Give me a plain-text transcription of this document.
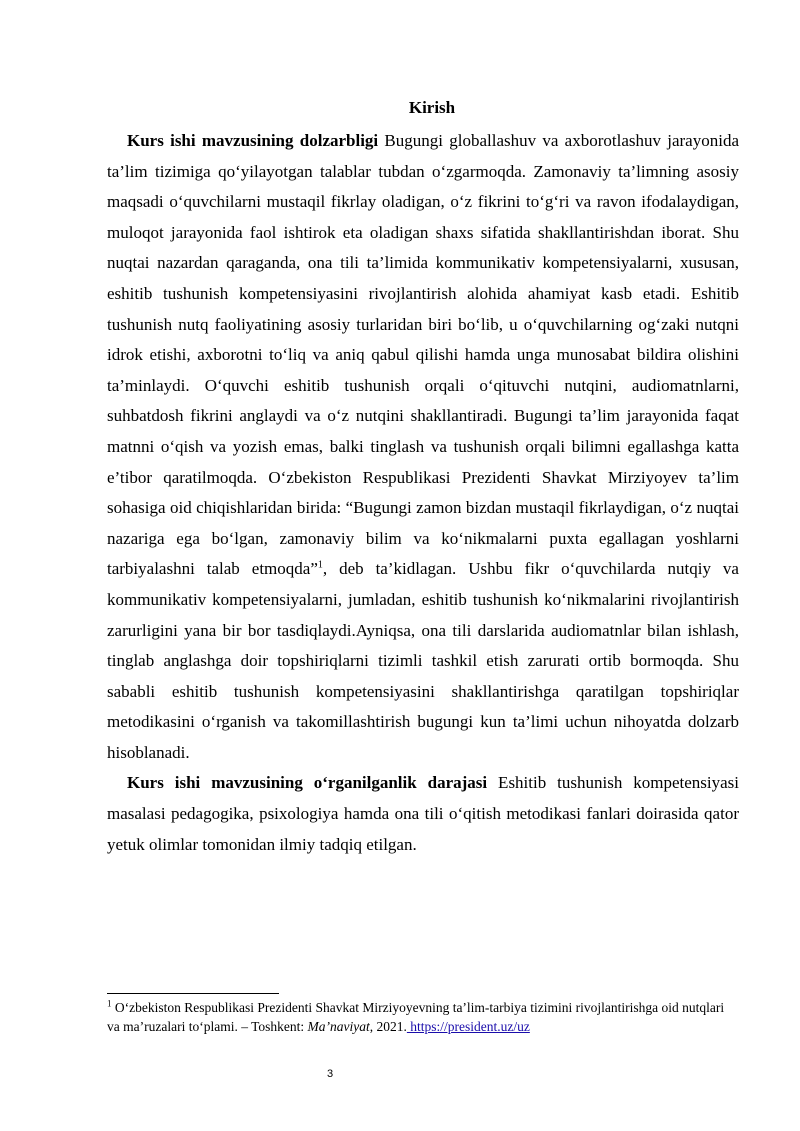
Kirish

Kurs ishi mavzusining dolzarbligi Bugungi globallashuv va axborotlashuv jarayonida ta’lim tizimiga qo‘yilayotgan talablar tubdan o‘zgarmoqda. Zamonaviy ta’limning asosiy maqsadi o‘quvchilarni mustaqil fikrlay oladigan, o‘z fikrini to‘g‘ri va ravon ifodalaydigan, muloqot jarayonida faol ishtirok eta oladigan shaxs sifatida shakllantirishdan iborat. Shu nuqtai nazardan qaraganda, ona tili ta’limida kommunikativ kompetensiyalarni, xususan, eshitib tushunish kompetensiyasini rivojlantirish alohida ahamiyat kasb etadi. Eshitib tushunish nutq faoliyatining asosiy turlaridan biri bo‘lib, u o‘quvchilarning og‘zaki nutqni idrok etishi, axborotni to‘liq va aniq qabul qilishi hamda unga munosabat bildira olishini ta’minlaydi. O‘quvchi eshitib tushunish orqali o‘qituvchi nutqini, audiomatnlarni, suhbatdosh fikrini anglaydi va o‘z nutqini shakllantiradi. Bugungi ta’lim jarayonida faqat matnni o‘qish va yozish emas, balki tinglash va tushunish orqali bilimni egallashga katta e’tibor qaratilmoqda. O‘zbekiston Respublikasi Prezidenti Shavkat Mirziyoyev ta’lim sohasiga oid chiqishlaridan birida: “Bugungi zamon bizdan mustaqil fikrlaydigan, o‘z nuqtai nazariga ega bo‘lgan, zamonaviy bilim va ko‘nikmalarni puxta egallagan yoshlarni tarbiyalashni talab etmoqda”$^1$, deb ta’kidlagan. Ushbu fikr o‘quvchilarda nutqiy va kommunikativ kompetensiyalarni, jumladan, eshitib tushunish ko‘nikmalarini rivojlantirish zarurligini yana bir bor tasdiqlaydi.Ayniqsa, ona tili darslarida audiomatnlar bilan ishlash, tinglab anglashga doir topshiriqlarni tizimli tashkil etish zarurati ortib bormoqda. Shu sababli eshitib tushunish kompetensiyasini shakllantirishga qaratilgan topshiriqlar metodikasini o‘rganish va takomillashtirish bugungi kun ta’limi uchun nihoyatda dolzarb hisoblanadi.

Kurs ishi mavzusining o‘rganilganlik darajasi Eshitib tushunish kompetensiyasi masalasi pedagogika, psixologiya hamda ona tili o‘qitish metodikasi fanlari doirasida qator yetuk olimlar tomonidan ilmiy tadqiq etilgan.

$^1$ O‘zbekiston Respublikasi Prezidenti Shavkat Mirziyoyevning ta’lim-tarbiya tizimini rivojlantirishga oid nutqlari va ma’ruzalari to‘plami. – Toshkent: Ma’naviyat, 2021. https://president.uz/uz
3
